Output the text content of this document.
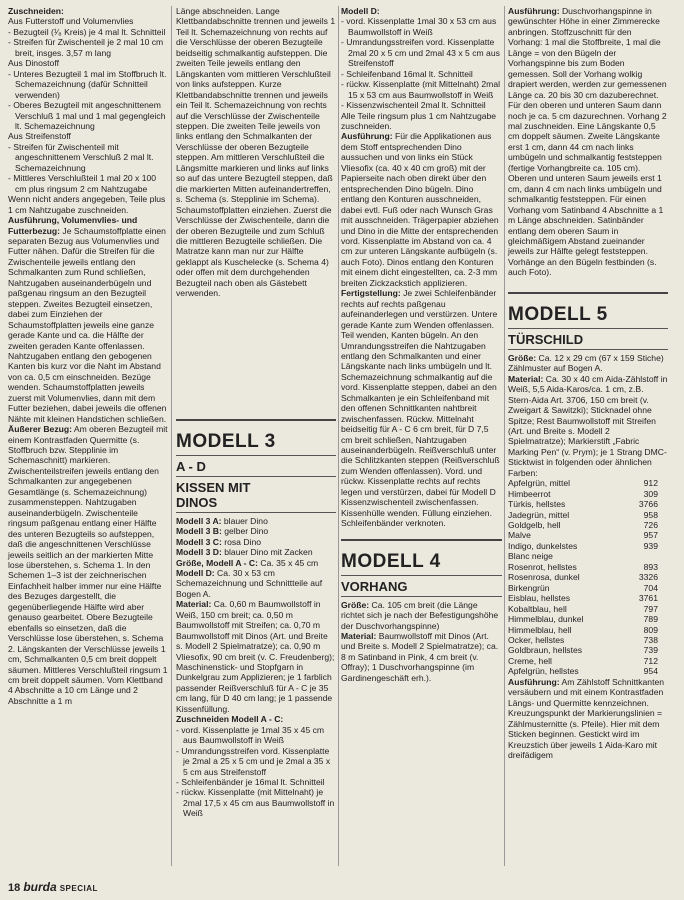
Zuschneiden:
Aus Futterstoff und Volumenvlies
- Bezugteil (¹⁄₈ Kreis) je 4 mal lt. Schnitteil
- Streifen für Zwischenteil je 2 mal 10 cm breit, insges. 3,57 m lang
Aus Dinostoff
- Unteres Bezugteil 1 mal im Stoffbruch lt. Schemazeichnung (dafür Schnitteil verwenden)
- Oberes Bezugteil mit angeschnittenem Verschluß 1 mal und 1 mal gegengleich lt. Schemazeichnung
Aus Streifenstoff
- Streifen für Zwischenteil mit angeschnittenem Verschluß 2 mal lt. Schemazeichnung
- Mittleres Verschlußteil 1 mal 20 x 100 cm plus ringsum 2 cm Nahtzugabe
Wenn nicht anders angegeben, Teile plus 1 cm Nahtzugabe zuschneiden.
Ausführung, Volumenvlies- und Futterbezug: Je Schaumstoffplatte einen separaten Bezug aus Volumenvlies und Futter nähen. Dafür die Streifen für die Zwischenteile jeweils entlang den Schmalkanten zum Rund schließen, Nahtzugaben auseinanderbügeln und paßgenau ringsum an den Bezugteil steppen. Zweites Bezugteil einsetzen, dabei zum Einziehen der Schaumstoffplatten jeweils eine ganze gerade Kante und ca. die Hälfte der zweiten geraden Kante offenlassen. Nahtzugaben entlang den gebogenen Kanten bis kurz vor die Naht im Abstand von ca. 0,5 cm einschneiden. Bezüge wenden. Schaumstoffplatten jeweils zuerst mit Volumenvlies, dann mit dem Futter beziehen, dabei jeweils die offenen Nähte mit kleinen Handstichen schließen.
Äußerer Bezug: Am oberen Bezugteil mit einem Kontrastfaden Quermitte (s. Stoffbruch bzw. Stepplinie im Schemaschnitt) markieren. Zwischenteilstreifen jeweils entlang den Schmalkanten zur angegebenen Gesamtlänge (s. Schemazeichnung) zusammensteppen. Nahtzugaben auseinanderbügeln. Zwischenteile ringsum paßgenau entlang einer Hälfte des unteren Bezugteils so aufsteppen, daß die angeschnittenen Verschlüsse jeweils seitlich an der markierten Mitte lose überstehen, s. Schema 1. In den Schemen 1–3 ist der zeichnerischen Einfachheit halber immer nur eine Hälfte des Bezuges dargestellt, die gegenüberliegende Hälfte wird aber genauso gearbeitet. Obere Bezugteile ebenfalls so einsetzen, daß die Verschlüsse lose überstehen, s. Schema 2. Längskanten der Verschlüsse jeweils 1 cm, Schmalkanten 0,5 cm breit doppelt säumen. Mittleres Verschlußteil ringsum 1 cm breit doppelt säumen. Vom Klettband 4 Abschnitte a 10 cm Länge und 2 Abschnitte a 1 m
Länge abschneiden. Lange Klettbandabschnitte trennen und jeweils 1 Teil lt. Schemazeichnung von rechts auf die Verschlüsse der oberen Bezugteile beidseitig schmalkantig aufsteppen. Die zweiten Teile jeweils entlang den Längskanten vom mittleren Verschlußteil von links aufsteppen. Kurze Klettbandabschnitte trennen und jeweils ein Teil lt. Schemazeichnung von rechts auf die Verschlüsse der Zwischenteile steppen. Die zweiten Teile jeweils von links entlang den Schmalkanten der Verschlüsse der oberen Bezugteile steppen. Am mittleren Verschlußteil die Längsmitte markieren und links auf links so auf das untere Bezugteil steppen, daß die markierten Mitten aufeinandertreffen, s. Schema (s. Stepplinie im Schema). Schaumstoffplatten einziehen. Zuerst die Verschlüsse der Zwischenteile, dann die der oberen Bezugteile und zum Schluß die mittleren Bezugteile schließen. Die Matratze kann man nur zur Hälfte geklappt als Kuschelecke (s. Schema 4) oder offen mit dem durchgehenden Bezugteil nach oben als Gästebett verwenden.
MODELL 3
A - D
KISSEN MIT
DINOS
Modell 3 A: blauer Dino
Modell 3 B: gelber Dino
Modell 3 C: rosa Dino
Modell 3 D: blauer Dino mit Zacken
Größe, Modell A - C: Ca. 35 x 45 cm
Modell D: Ca. 30 x 53 cm
Schemazeichnung und Schnittteile auf Bogen A.
Material: Ca. 0,60 m Baumwollstoff in Weiß, 150 cm breit; ca. 0,50 m Baumwollstoff mit Streifen; ca. 0,70 m Baumwollstoff mit Dinos (Art. und Breite s. Modell 2 Spielmatratze); ca. 0,90 m Vliesofix, 90 cm breit (v. C. Freudenberg); Maschinenstick- und Stopfgarn in Dunkelgrau zum Applizieren; je 1 farblich passender Reißverschluß für A - C je 35 cm lang, für D 40 cm lang; je 1 passende Kissenfüllung.
Zuschneiden Modell A - C:
- vord. Kissenplatte je 1mal 35 x 45 cm aus Baumwollstoff in Weiß
- Umrandungsstreifen vord. Kissenplatte je 2mal a 25 x 5 cm und je 2mal a 35 x 5 cm aus Streifenstoff
- Schleifenbänder je 16mal lt. Schnitteil
- rückw. Kissenplatte (mit Mittelnaht) je 2mal 17,5 x 45 cm aus Baumwollstoff in Weiß
Modell D:
- vord. Kissenplatte 1mal 30 x 53 cm aus Baumwollstoff in Weiß
- Umrandungsstreifen vord. Kissenplatte 2mal 20 x 5 cm und 2mal 43 x 5 cm aus Streifenstoff
- Schleifenband 16mal lt. Schnitteil
- rückw. Kissenplatte (mit Mittelnaht) 2mal 15 x 53 cm aus Baumwollstoff in Weiß
- Kissenzwischenteil 2mal lt. Schnitteil
Alle Teile ringsum plus 1 cm Nahtzugabe zuschneiden.
Ausführung: Für die Applikationen aus dem Stoff entsprechenden Dino aussuchen und von links ein Stück Vliesofix (ca. 40 x 40 cm groß) mit der Papierseite nach oben direkt über den entsprechenden Dino bügeln. Dino entlang den Konturen ausschneiden, dabei evtl. Fuß oder nach Wunsch Gras mit ausschneiden. Trägerpapier abziehen und Dino in die Mitte der entsprechenden vord. Kissenplatte im Abstand von ca. 4 cm zur unteren Längskante aufbügeln (s. auch Foto). Dinos entlang den Konturen mit einem dicht eingestellten, ca. 2-3 mm breiten Zickzackstich applizieren.
Fertigstellung: Je zwei Schleifenbänder rechts auf rechts paßgenau aufeinanderlegen und verstürzen. Untere gerade Kante zum Wenden offenlassen. Teil wenden, Kanten bügeln. An den Umrandungsstreifen die Nahtzugaben entlang den Schmalkanten und einer Längskante nach links umbügeln und lt. Schemazeichnung schmalkantig auf die vord. Kissenplatte steppen, dabei an den Schmalkanten je ein Schleifenband mit den offenen Schnittkanten nahtbreit zwischenfassen. Rückw. Mittelnaht beidseitig für A - C 6 cm breit, für D 7,5 cm breit schließen, Nahtzugaben auseinanderbügeln. Reißverschluß unter die Schlitzkanten steppen (Reißverschluß zum Wenden offenlassen). Vord. und rückw. Kissenplatte rechts auf rechts legen und verstürzen, dabei für Modell D Kissenzwischenteil zwischenfassen. Kissenhülle wenden. Füllung einziehen. Schleifenbänder verknoten.
MODELL 4
VORHANG
Größe: Ca. 105 cm breit (die Länge richtet sich je nach der Befestigungshöhe der Duschvorhangspinne)
Material: Baumwollstoff mit Dinos (Art. und Breite s. Modell 2 Spielmatratze); ca. 8 m Satinband in Pink, 4 cm breit (v. Offray); 1 Duschvorhangspinne (im Gardinengeschäft erh.).
Ausführung: Duschvorhangspinne in gewünschter Höhe in einer Zimmerecke anbringen. Stoffzuschnitt für den Vorhang: 1 mal die Stoffbreite, 1 mal die Länge = von den Bügeln der Vorhangspinne bis zum Boden gemessen. Soll der Vorhang wolkig drapiert werden, werden zur gemessenen Länge ca. 20 bis 30 cm dazuberechnet. Für den oberen und unteren Saum dann noch je ca. 5 cm dazurechnen. Vorhang 2 mal zuschneiden. Eine Längskante 0,5 cm doppelt säumen. Zweite Längskante erst 1 cm, dann 44 cm nach links umbügeln und schmalkantig feststeppen (fertige Vorhangbreite ca. 105 cm). Oberen und unteren Saum jeweils erst 1 cm, dann 4 cm nach links umbügeln und schmalkantig feststeppen. Für einen Vorhang vom Satinband 4 Abschnitte a 1 m Länge abschneiden. Satinbänder entlang dem oberen Saum in gleichmäßigem Abstand zueinander jeweils zur Hälfte gelegt feststeppen. Vorhänge an den Bügeln festbinden (s. auch Foto).
MODELL 5
TÜRSCHILD
Größe: Ca. 12 x 29 cm (67 x 159 Stiche)
Zählmuster auf Bogen A.
Material: Ca. 30 x 40 cm Aida-Zählstoff in Weiß, 5,5 Aida-Karos/ca. 1 cm, z.B. Stern-Aida Art. 3706, 150 cm breit (v. Zweigart & Sawitzki); Sticknadel ohne Spitze; Rest Baumwollstoff mit Streifen (Art. und Breite s. Modell 2 Spielmatratze); Markierstift „Fabric Marking Pen“ (v. Prym); je 1 Strang DMC-Sticktwist in folgenden oder ähnlichen Farben:
Apfelgrün, mittel	912
Himbeerrot	309
Türkis, hellstes	3766
Jadegrün, mittel	958
Goldgelb, hell	726
Malve	957
Indigo, dunkelstes	939
Blanc neige	
Rosenrot, hellstes	893
Rosenrosa, dunkel	3326
Birkengrün	704
Eisblau, hellstes	3761
Kobaltblau, hell	797
Himmelblau, dunkel	789
Himmelblau, hell	809
Ocker, hellstes	738
Goldbraun, hellstes	739
Creme, hell	712
Apfelgrün, hellstes	954
Ausführung: Am Zählstoff Schnittkanten versäubern und mit einem Kontrastfaden Längs- und Quermitte kennzeichnen. Kreuzungspunkt der Markierungslinien = Zählmusternitte (s. Pfeile). Hier mit dem Sticken beginnen. Gestickt wird im Kreuzstich über jeweils 1 Aida-Karo mit dreifädigem
18 burda SPECIAL
